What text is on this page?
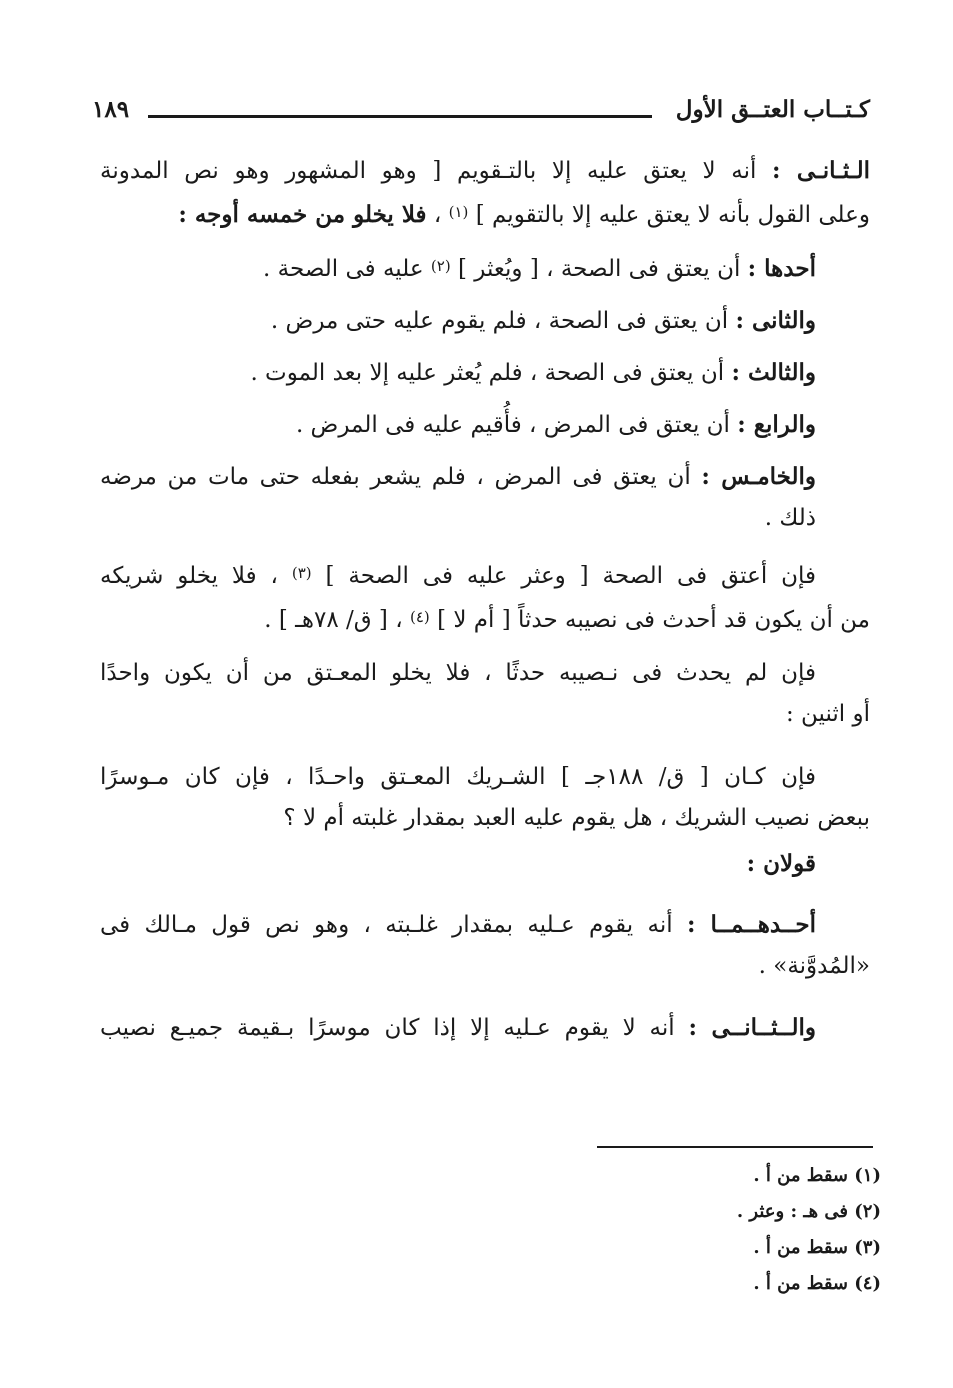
كـتــاب العتــق الأول
١٨٩

الـثـانـى : أنه لا يعتق عليه إلا بالتـقويم [ وهو المشهور وهو نص المدونة
وعلى القول بأنه لا يعتق عليه إلا بالتقويم ] $^{(١)}$ ، فلا يخلو من خمسه أوجه :

أحدها : أن يعتق فى الصحة ، [ ويُعثر ] $^{(٢)}$ عليه فى الصحة .

والثانى : أن يعتق فى الصحة ، فلم يقوم عليه حتى مرض .

والثالث : أن يعتق فى الصحة ، فلم يُعثر عليه إلا بعد الموت .

والرابع : أن يعتق فى المرض ، فأُقيم عليه فى المرض .

والخامـس : أن يعتق فى المرض ، فلم يشعر بفعله حتى مات من مرضه
ذلك .

فإن أعتق فى الصحة [ وعثر عليه فى الصحة ] $^{(٣)}$ ، فلا يخلو شريكه

من أن يكون قد أحدث فى نصيبه حدثاً [ أم لا ] $^{(٤)}$ ، [ ق/ ٧٨هـ ] .

فإن لم يحدث فى نـصيبه حدثًا ، فلا يخلو المعـتق من أن يكون واحدًا

أو اثنين :

فإن كـان [ ق/ ١٨٨جـ ] الشـريك المعـتق واحـدًا ، فإن كان مـوسرًا

ببعض نصيب الشريك ، هل يقوم عليه العبد بمقدار غلبته أم لا ؟

قولان :

أحــدهــمــا : أنه يقوم عـليه بمقدار غلـبته ، وهو نص قول مـالك فى

«المُدوَّنة» .

والــثــانــى : أنه لا يقوم عـليه إلا إذا كان موسرًا بـقيمة جميـع نصيب

(١) سقط من أ .
(٢) فى هـ : وعثر .
(٣) سقط من أ .
(٤) سقط من أ .
